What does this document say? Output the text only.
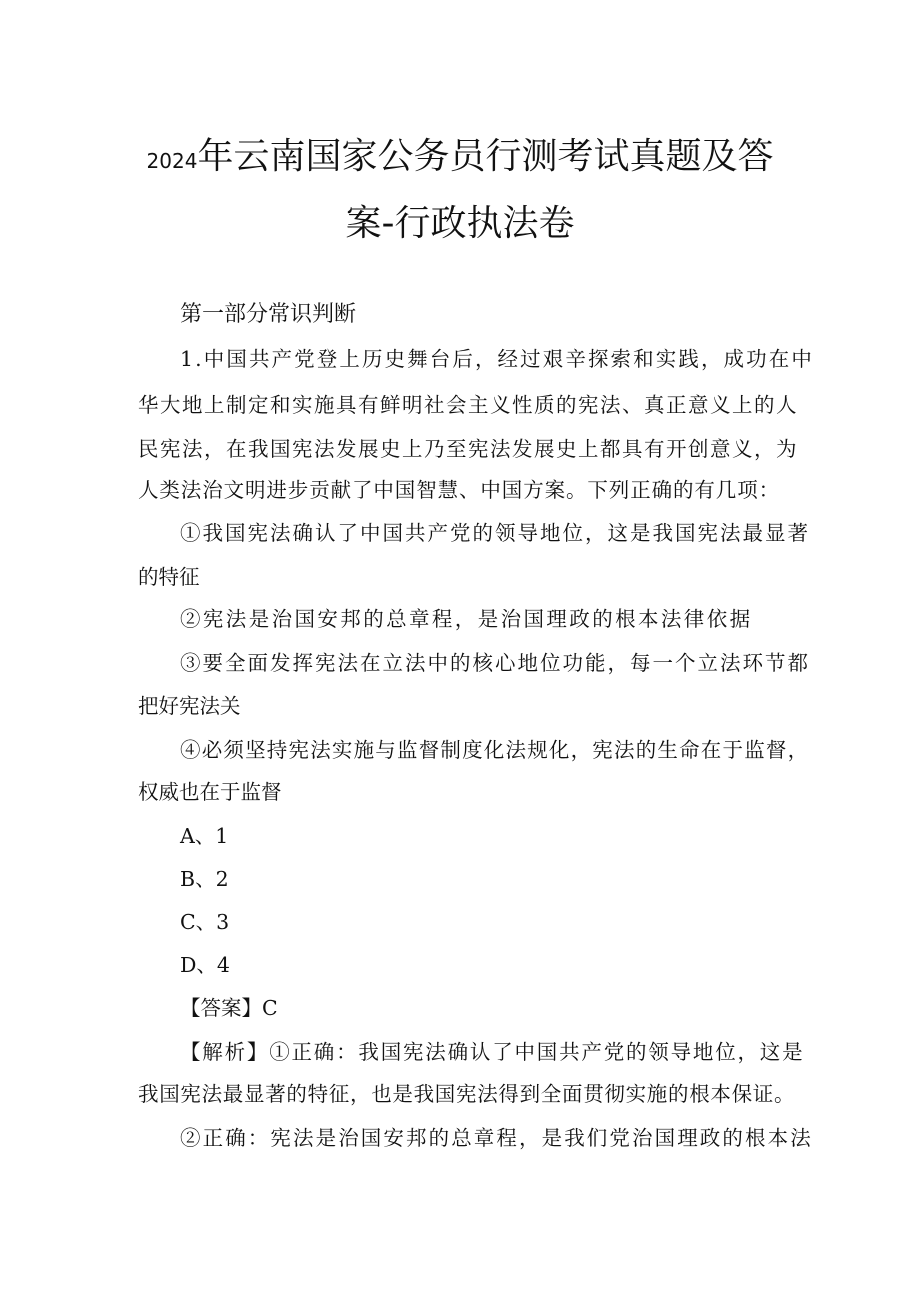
2024年云南国家公务员行测考试真题及答
案-行政执法卷
第一部分常识判断
1.中国共产党登上历史舞台后，经过艰辛探索和实践，成功在中
华大地上制定和实施具有鲜明社会主义性质的宪法、真正意义上的人
民宪法，在我国宪法发展史上乃至宪法发展史上都具有开创意义，为
人类法治文明进步贡献了中国智慧、中国方案。下列正确的有几项：
①我国宪法确认了中国共产党的领导地位，这是我国宪法最显著
的特征
②宪法是治国安邦的总章程，是治国理政的根本法律依据
③要全面发挥宪法在立法中的核心地位功能，每一个立法环节都
把好宪法关
④必须坚持宪法实施与监督制度化法规化，宪法的生命在于监督，
权威也在于监督
A、1
B、2
C、3
D、4
【答案】C
【解析】①正确：我国宪法确认了中国共产党的领导地位，这是
我国宪法最显著的特征，也是我国宪法得到全面贯彻实施的根本保证。
②正确：宪法是治国安邦的总章程，是我们党治国理政的根本法
